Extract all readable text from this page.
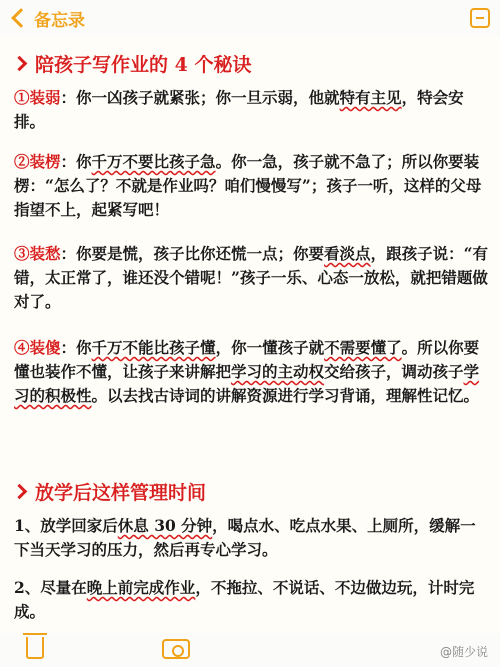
备忘录
陪孩子写作业的 4 个秘诀
①装弱：你一凶孩子就紧张；你一旦示弱，他就特有主见，特会安排。
②装楞：你千万不要比孩子急。你一急，孩子就不急了；所以你要装楞：“怎么了？不就是作业吗？咱们慢慢写”；孩子一听，这样的父母指望不上，起紧写吧！
③装愁：你要是慌，孩子比你还慌一点；你要看淡点，跟孩子说：“有错，太正常了，谁还没个错呢！”孩子一乐、心态一放松，就把错题做对了。
④装傻：你千万不能比孩子懂，你一懂孩子就不需要懂了。所以你要懂也装作不懂，让孩子来讲解把学习的主动权交给孩子，调动孩子学习的积极性。以去找古诗词的讲解资源进行学习背诵，理解性记忆。
放学后这样管理时间
1、放学回家后休息 30 分钟，喝点水、吃点水果、上厕所，缓解一下当天学习的压力，然后再专心学习。
2、尽量在晚上前完成作业，不拖拉、不说话、不边做边玩，计时完成。
@随少说
